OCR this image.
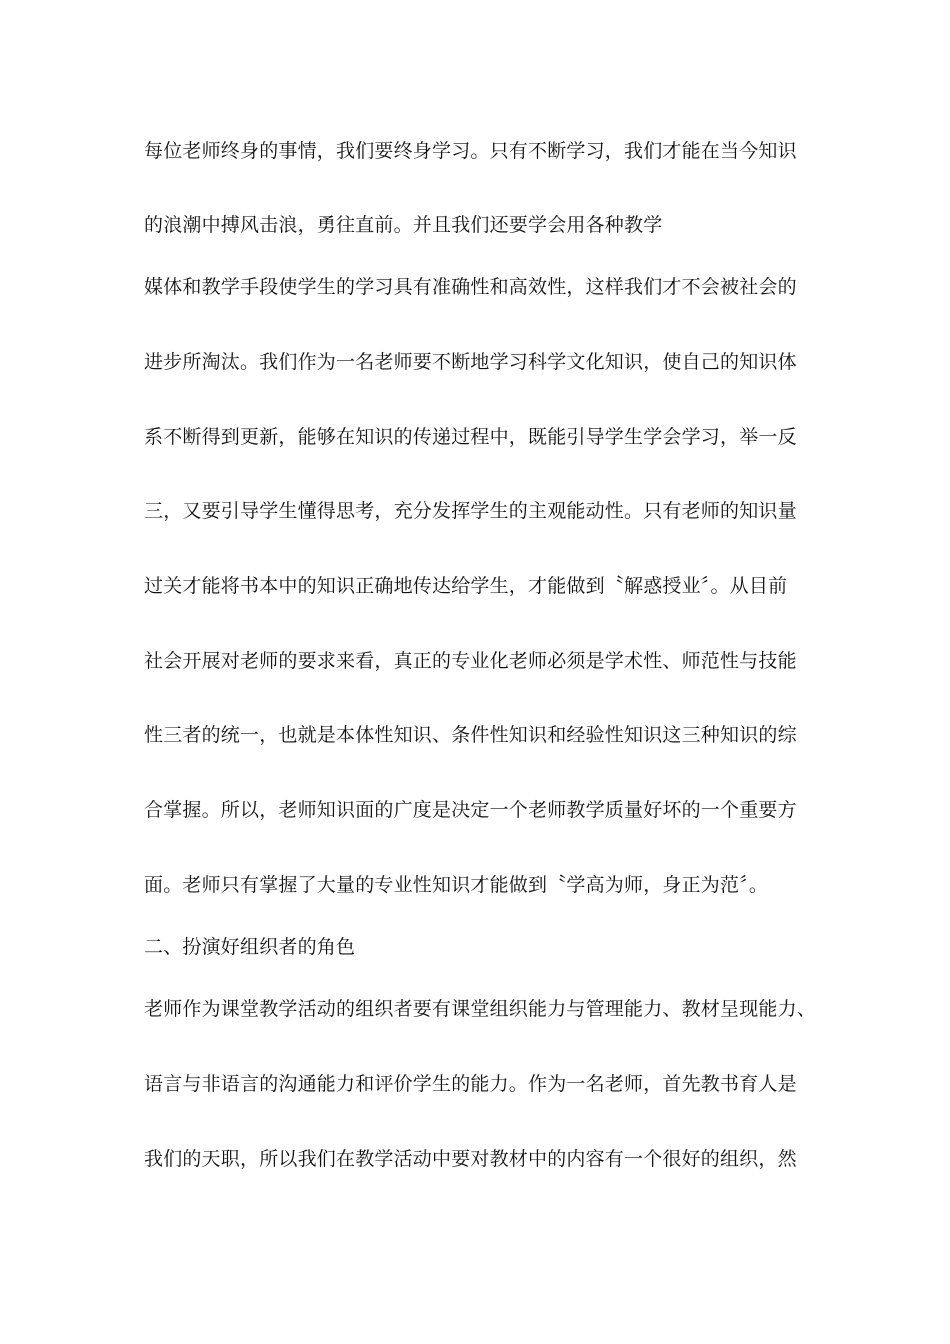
每位老师终身的事情，我们要终身学习。只有不断学习，我们才能在当今知识
的浪潮中搏风击浪，勇往直前。并且我们还要学会用各种教学
媒体和教学手段使学生的学习具有准确性和高效性，这样我们才不会被社会的
进步所淘汰。我们作为一名老师要不断地学习科学文化知识，使自己的知识体
系不断得到更新，能够在知识的传递过程中，既能引导学生学会学习，举一反
三，又要引导学生懂得思考，充分发挥学生的主观能动性。只有老师的知识量
过关才能将书本中的知识正确地传达给学生，才能做到〝解惑授业〞。从目前
社会开展对老师的要求来看，真正的专业化老师必须是学术性、师范性与技能
性三者的统一，也就是本体性知识、条件性知识和经验性知识这三种知识的综
合掌握。所以，老师知识面的广度是决定一个老师教学质量好坏的一个重要方
面。老师只有掌握了大量的专业性知识才能做到〝学高为师，身正为范〞。
二、扮演好组织者的角色
老师作为课堂教学活动的组织者要有课堂组织能力与管理能力、教材呈现能力、
语言与非语言的沟通能力和评价学生的能力。作为一名老师，首先教书育人是
我们的天职，所以我们在教学活动中要对教材中的内容有一个很好的组织，然
